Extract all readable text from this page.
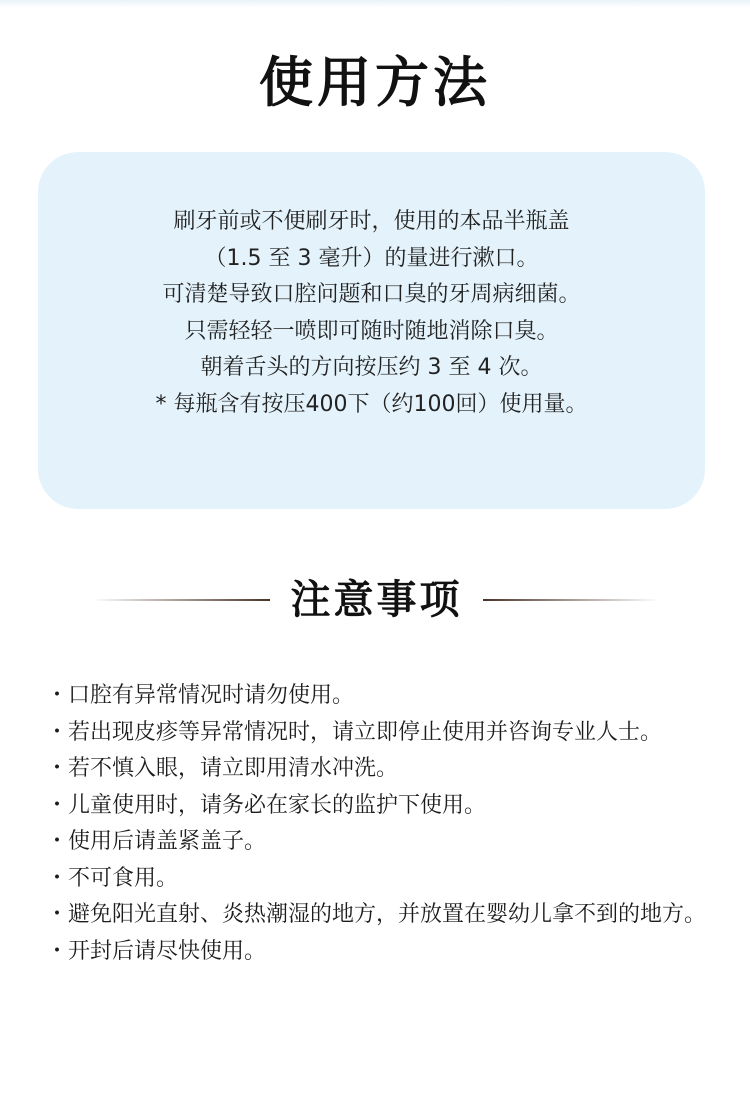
使用方法
刷牙前或不便刷牙时，使用的本品半瓶盖
（1.5 至 3 毫升）的量进行漱口。
可清楚导致口腔问题和口臭的牙周病细菌。
只需轻轻一喷即可随时随地消除口臭。
朝着舌头的方向按压约 3 至 4 次。
* 每瓶含有按压400下（约100回）使用量。
注意事项
・口腔有异常情况时请勿使用。
・若出现皮疹等异常情况时，请立即停止使用并咨询专业人士。
・若不慎入眼，请立即用清水冲洗。
・儿童使用时，请务必在家长的监护下使用。
・使用后请盖紧盖子。
・不可食用。
・避免阳光直射、炎热潮湿的地方，并放置在婴幼儿拿不到的地方。
・开封后请尽快使用。
